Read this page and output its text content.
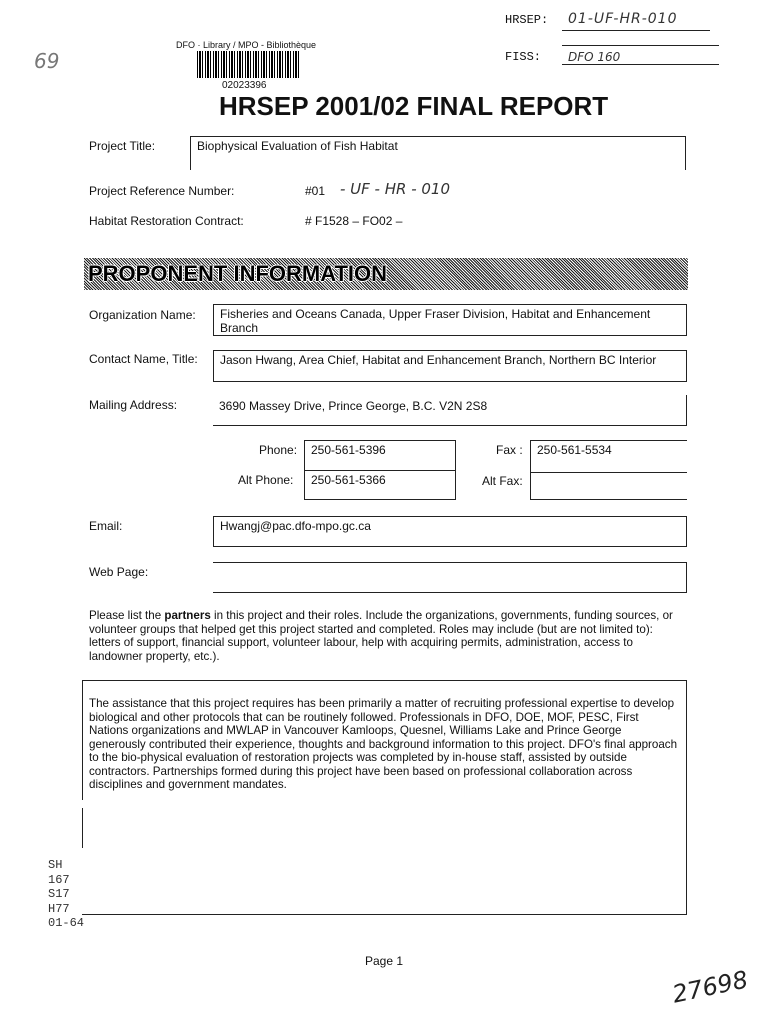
HRSEP: 01-UF-HR-010
FISS: DFO 160
69
DFO · Library / MPO - Bibliothèque
02023396
HRSEP 2001/02 FINAL REPORT
Project Title:	Biophysical Evaluation of Fish Habitat
Project Reference Number:	#01 - UF - HR - 010
Habitat Restoration Contract:	# F1528 – FO02 –
PROPONENT INFORMATION
Organization Name:	Fisheries and Oceans Canada, Upper Fraser Division, Habitat and Enhancement Branch
Contact Name, Title:	Jason Hwang, Area Chief, Habitat and Enhancement Branch, Northern BC Interior
Mailing Address:	3690 Massey Drive, Prince George, B.C. V2N 2S8
Phone: 250-561-5396
Alt Phone: 250-561-5366
Fax : 250-561-5534
Alt Fax:
Email:	Hwangj@pac.dfo-mpo.gc.ca
Web Page:
Please list the partners in this project and their roles. Include the organizations, governments, funding sources, or volunteer groups that helped get this project started and completed. Roles may include (but are not limited to): letters of support, financial support, volunteer labour, help with acquiring permits, administration, access to landowner property, etc.).
The assistance that this project requires has been primarily a matter of recruiting professional expertise to develop biological and other protocols that can be routinely followed. Professionals in DFO, DOE, MOF, PESC, First Nations organizations and MWLAP in Vancouver Kamloops, Quesnel, Williams Lake and Prince George generously contributed their experience, thoughts and background information to this project. DFO's final approach to the bio-physical evaluation of restoration projects was completed by in-house staff, assisted by outside contractors. Partnerships formed during this project have been based on professional collaboration across disciplines and government mandates.
SH
167
S17
H77
01-64
Page 1
27698
